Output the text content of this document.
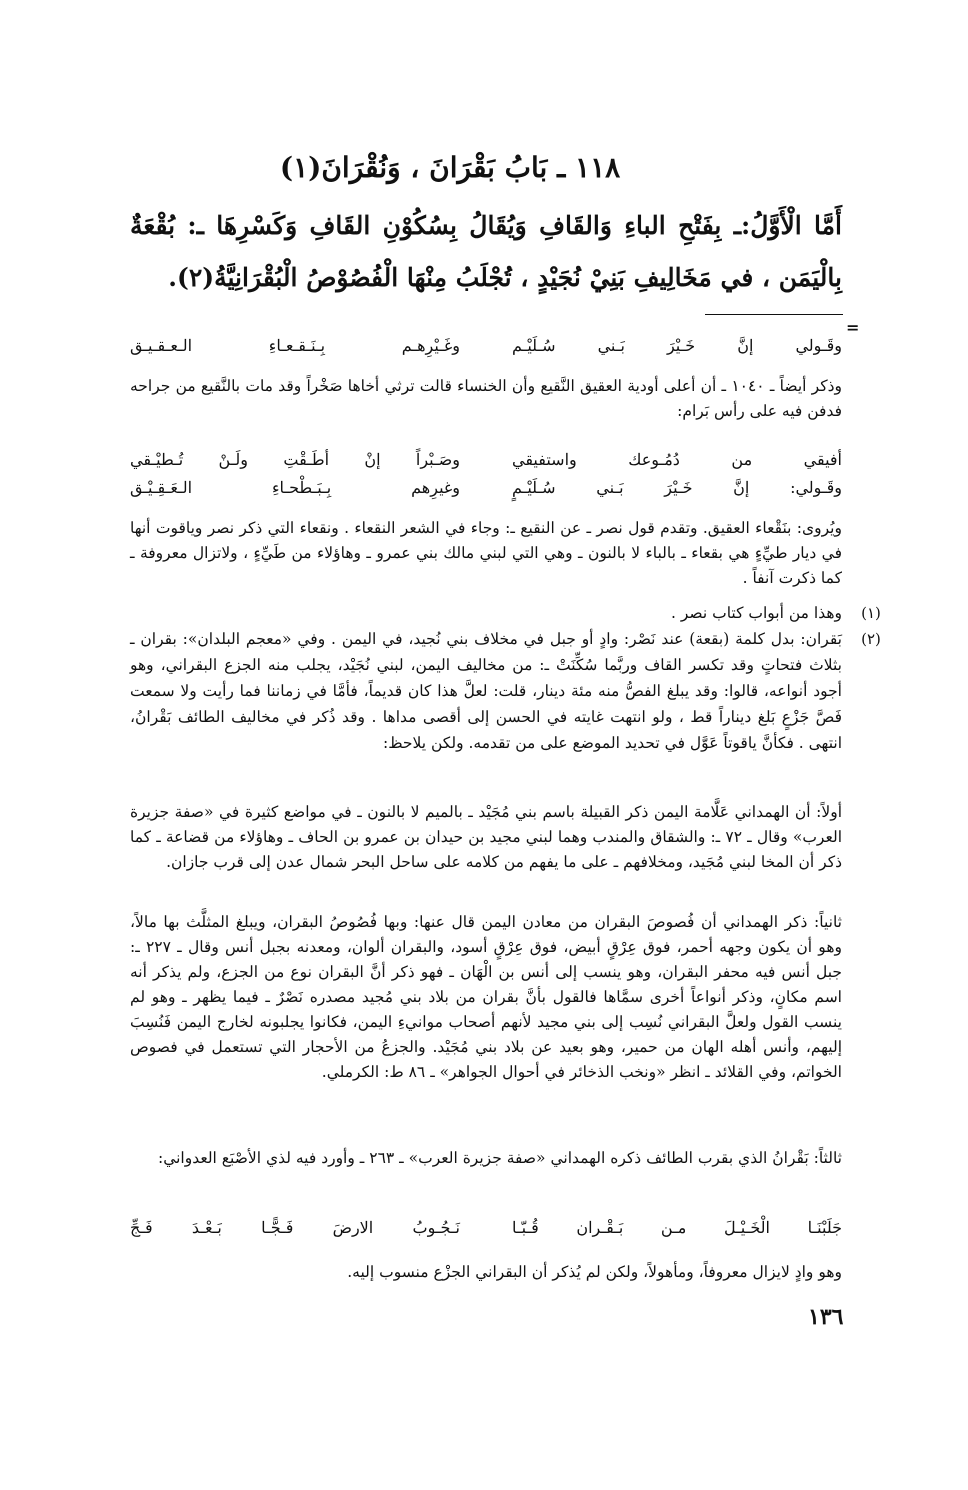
١١٨ ـ بَابُ بَقْرَانَ ، وَنُقْرَانَ(١)
أَمَّا الْأَوَّلُ:ـ بِفَتْحِ الباءِ وَالقَافِ وَيُقَالُ بِسُكُوْنِ القَافِ وَكَسْرِهَا ـ: بُقْعَةٌ بِالْيَمَن ، في مَخَالِيفِ بَنِيْ نُجَيْدٍ ، تُجْلَبُ مِنْهَا الْفُصُوْصُ الْبُقْرَانِيَّةُ(٢).
=
وقَـولي إنَّ خَـيْرَ بَـني سُـلَيْـم
وغَـيْرِهـم بِـنَـقـعـاءِ الـعـقـيـق
وذكر أيضاً ـ ١٠٤٠ ـ أن أعلى أودية العقيق النَّقيع وأن الخنساء قالت ترثي أخاها صَخْراً وقد مات بالنَّقيع من جراحه فدفن فيه على رأس بَرام:
أفيقي من دُمُـوعك واستفيقي
وصَـبْراً إنْ أطَـقْتِ ولَـنْ تُـطيْـقي
وقَـولي: إنَّ خَـيْرَ بَـني سُـلَيْـمٍ
وغيرِهم بِـبَـطْحـاءِ الـعَـقِـيْـق
ويُروى: بنَقْعاء العقيق. وتقدم قول نصر ـ عن النقيع ـ: وجاء في الشعر النقعاء . ونقعاء التي ذكر نصر وياقوت أنها في ديار طيِّءٍ هي بقعاء ـ بالباء لا بالنون ـ وهي التي لبني مالك بني عمرو ـ وهاؤلاء من طَيِّءٍ ، ولاتزال معروفة ـ كما ذكرت آنفاً .
(١)
وهذا من أبواب كتاب نصر .
(٢)
بَقران: بدل كلمة (بقعة) عند نَصْر: وادٍ أو جبل في مخلاف بني نُجيد، في اليمن . وفي «معجم البلدان»: بقران ـ بثلاث فتحاتٍ وقد تكسر القاف وربَّما سُكِّنَتْ ـ: من مخاليف اليمن، لبني نُجَيْد، يجلب منه الجزع البقراني، وهو أجود أنواعه، قالوا: وقد يبلغ الفصُّ منه مئة دينار، قلت: لعلَّ هذا كان قديماً، فأمَّا في زماننا فما رأيت ولا سمعت فَصَّ جَزْعٍ بَلغ ديناراً قط ، ولو انتهت غايته في الحسن إلى أقصى مداها . وقد ذُكر في مخاليف الطائف بَقْرانُ، انتهى . فكأنَّ ياقوتاً عَوَّل في تحديد الموضع على من تقدمه. ولكن يلاحظ:
أولاً: أن الهمداني عَلَّامة اليمن ذكر القبيلة باسم بني مُجَيْد ـ بالميم لا بالنون ـ في مواضع كثيرة في «صفة جزيرة العرب» وقال ـ ٧٢ ـ: والشقاق والمندب وهما لبني مجيد بن حيدان بن عمرو بن الحاف ـ وهاؤلاء من قضاعة ـ كما ذكر أن المخا لبني مُجَيد، ومخلافهم ـ على ما يفهم من كلامه على ساحل البحر شمال عدن إلى قرب جازان.
ثانياً: ذكر الهمداني أن فُصوصَ البقران من معادن اليمن قال عنها: وبها فُصُوصُ البقران، ويبلغ المثلَّث بها مالاً، وهو أن يكون وجهه أحمر، فوق عِرْقٍ أبيض، فوق عِرْقٍ أسود، والبقران ألوان، ومعدنه بجبل أنس وقال ـ ٢٢٧ ـ: جبل أنس فيه محفر البقران، وهو ينسب إلى أنس بن الْهَان ـ فهو ذكر أنَّ البقران نوع من الجزع، ولم يذكر أنه اسم مكانٍ، وذكر أنواعاً أخرى سمَّاها فالقول بأنَّ بقران من بلاد بني مُجيد مصدره نَصْرٌ ـ فيما يظهر ـ وهو لم ينسب القول ولعلَّ البقراني نُسِب إلى بني مجيد لأنهم أصحاب موانيءِ اليمن، فكانوا يجلبونه لخارج اليمن فَنُسِبَ إليهم، وأنس أهله الهان من حمير، وهو بعيد عن بلاد بني مُجَيْد. والجزعُ من الأحجار التي تستعمل في فصوص الخواتم، وفي القلائد ـ انظر «ونخب الذخائر في أحوال الجواهر» ـ ٨٦ ط: الكرملي.
ثالثاً: بَقْرانُ الذي بقرب الطائف ذكره الهمداني «صفة جزيرة العرب» ـ ٢٦٣ ـ وأورد فيه لذي الأصْبَع العدواني:
جَلَبْنَـا الْخَـيْـلَ مـن بَـقْـران قُـبّـا
نَـجُـوبُ الارضَ فَـجًّـا بَـعْـدَ فَـجِّ
وهو وادٍ لايزال معروفاً، ومأهولاً، ولكن لم يُذكر أن البقراني الجزْع منسوب إليه.
١٣٦
